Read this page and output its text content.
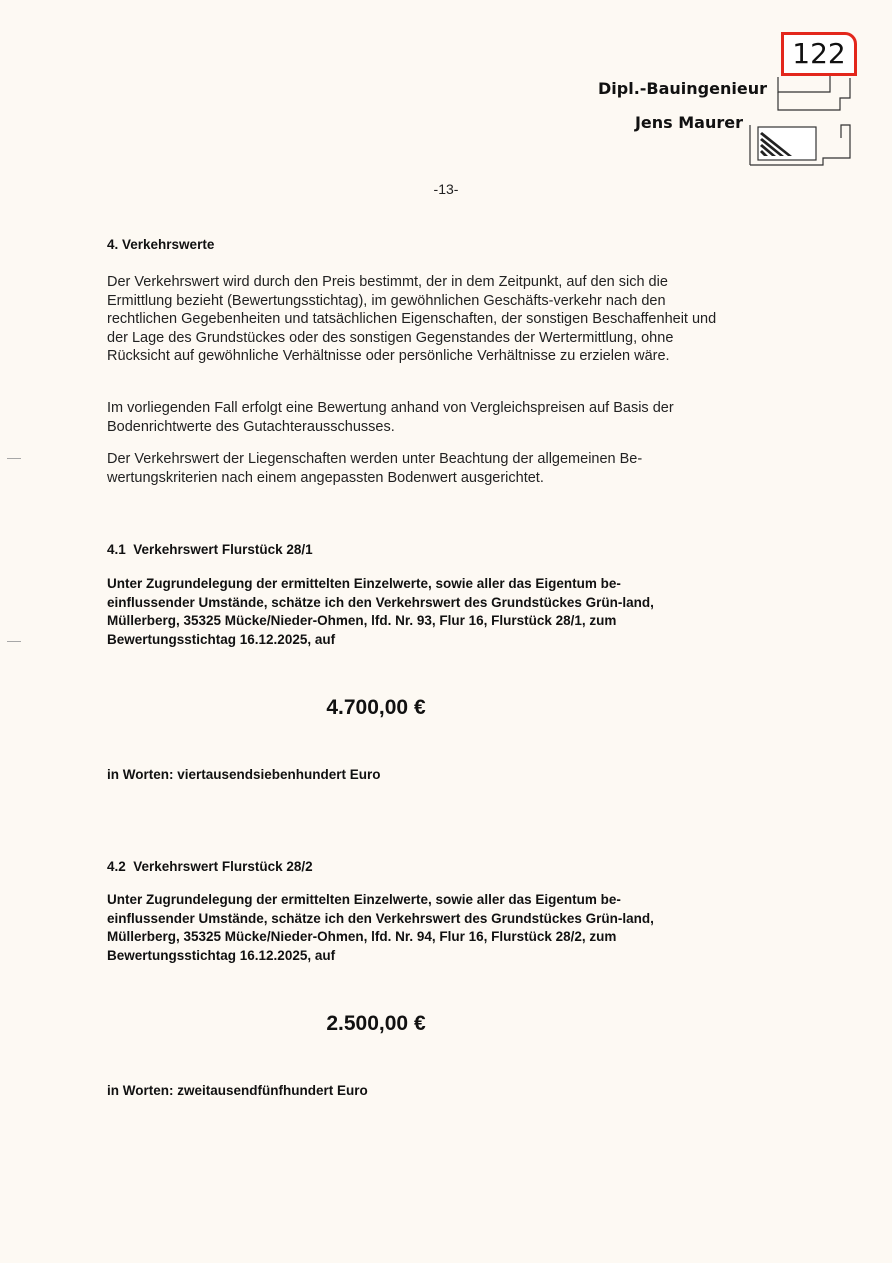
122
Dipl.-Bauingenieur
Jens Maurer
-13-
4. Verkehrswerte

Der Verkehrswert wird durch den Preis bestimmt, der in dem Zeitpunkt, auf den sich die Ermittlung bezieht (Bewertungsstichtag), im gewöhnlichen Geschäfts-verkehr nach den rechtlichen Gegebenheiten und tatsächlichen Eigenschaften, der sonstigen Beschaffenheit und der Lage des Grundstückes oder des sonstigen Gegenstandes der Wertermittlung, ohne Rücksicht auf gewöhnliche Verhältnisse oder persönliche Verhältnisse zu erzielen wäre.

Im vorliegenden Fall erfolgt eine Bewertung anhand von Vergleichspreisen auf Basis der Bodenrichtwerte des Gutachterausschusses.

Der Verkehrswert der Liegenschaften werden unter Beachtung der allgemeinen Be-wertungskriterien nach einem angepassten Bodenwert ausgerichtet.

4.1  Verkehrswert Flurstück 28/1

Unter Zugrundelegung der ermittelten Einzelwerte, sowie aller das Eigentum be-einflussender Umstände, schätze ich den Verkehrswert des Grundstückes Grün-land, Müllerberg, 35325 Mücke/Nieder-Ohmen, lfd. Nr. 93, Flur 16, Flurstück 28/1, zum Bewertungsstichtag 16.12.2025, auf

4.700,00 €
in Worten: viertausendsiebenhundert Euro
4.2  Verkehrswert Flurstück 28/2

Unter Zugrundelegung der ermittelten Einzelwerte, sowie aller das Eigentum be-einflussender Umstände, schätze ich den Verkehrswert des Grundstückes Grün-land, Müllerberg, 35325 Mücke/Nieder-Ohmen, lfd. Nr. 94, Flur 16, Flurstück 28/2, zum Bewertungsstichtag 16.12.2025, auf

2.500,00 €
in Worten: zweitausendfünfhundert Euro
